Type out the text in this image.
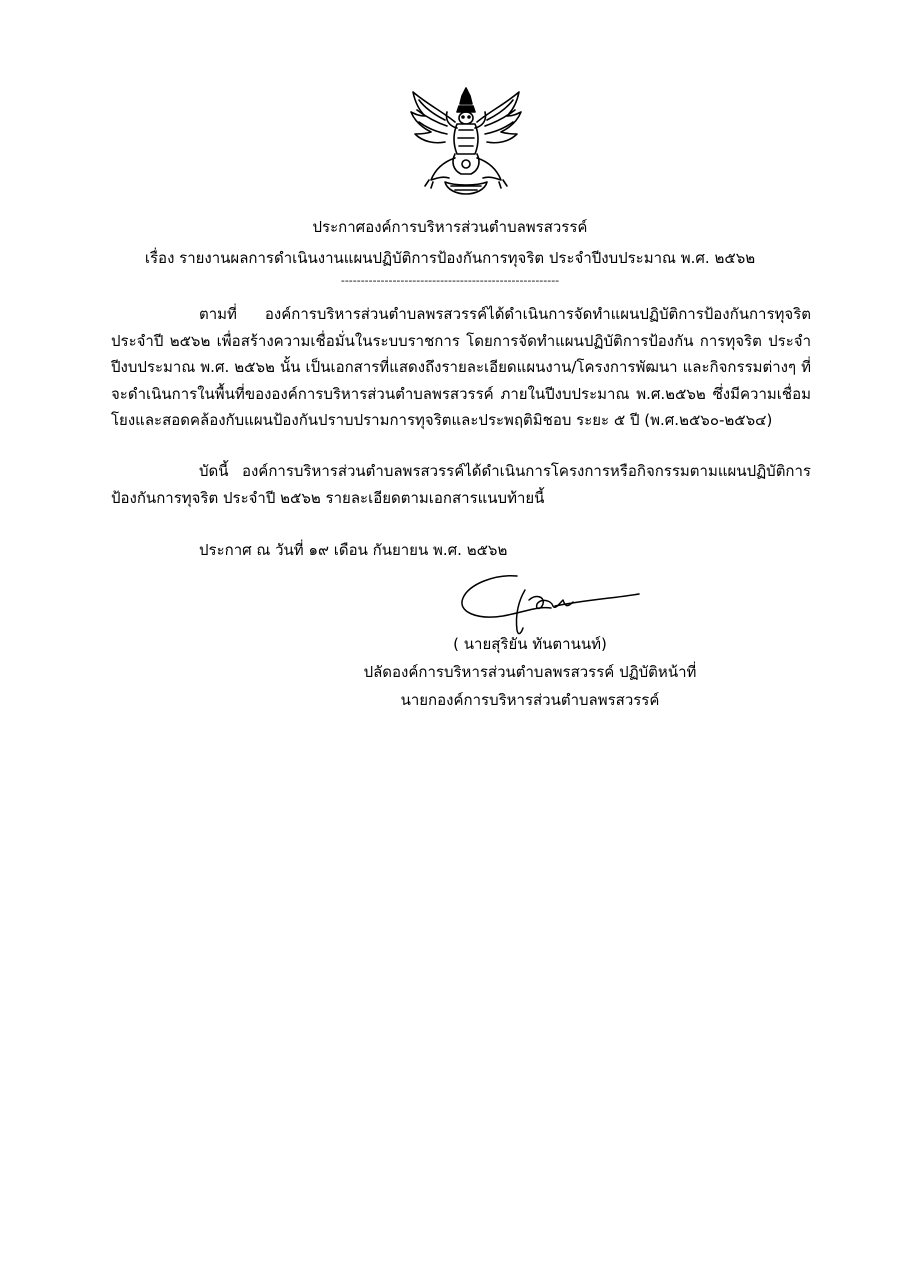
ประกาศองค์การบริหารส่วนตำบลพรสวรรค์
เรื่อง รายงานผลการดำเนินงานแผนปฏิบัติการป้องกันการทุจริต ประจำปีงบประมาณ พ.ศ. ๒๕๖๒
-------------------------------------------------------
ตามที่ องค์การบริหารส่วนตำบลพรสวรรค์ได้ดำเนินการจัดทำแผนปฏิบัติการป้องกันการทุจริต ประจำปี ๒๕๖๒ เพื่อสร้างความเชื่อมั่นในระบบราชการ โดยการจัดทำแผนปฏิบัติการป้องกัน การทุจริต ประจำปีงบประมาณ พ.ศ. ๒๕๖๒ นั้น เป็นเอกสารที่แสดงถึงรายละเอียดแผนงาน/โครงการพัฒนา และกิจกรรมต่างๆ ที่จะดำเนินการในพื้นที่ขององค์การบริหารส่วนตำบลพรสวรรค์ ภายในปีงบประมาณ พ.ศ.๒๕๖๒ ซึ่งมีความเชื่อมโยงและสอดคล้องกับแผนป้องกันปราบปรามการทุจริตและประพฤติมิชอบ ระยะ ๕ ปี (พ.ศ.๒๕๖๐-๒๕๖๔)
บัดนี้ องค์การบริหารส่วนตำบลพรสวรรค์ได้ดำเนินการโครงการหรือกิจกรรมตามแผนปฏิบัติการป้องกันการทุจริต ประจำปี ๒๕๖๒ รายละเอียดตามเอกสารแนบท้ายนี้
ประกาศ ณ วันที่ ๑๙ เดือน กันยายน พ.ศ. ๒๕๖๒
( นายสุริยัน ทันตานนท์)
ปลัดองค์การบริหารส่วนตำบลพรสวรรค์ ปฏิบัติหน้าที่
นายกองค์การบริหารส่วนตำบลพรสวรรค์
